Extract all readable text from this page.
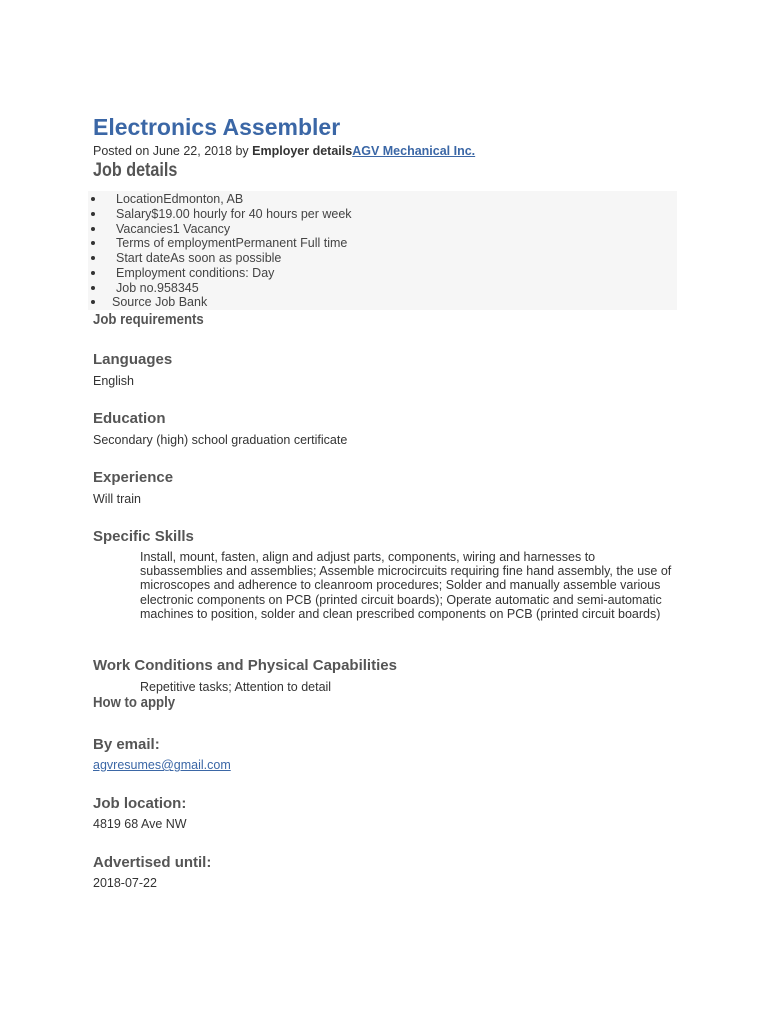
Electronics Assembler
Posted on June 22, 2018 by Employer detailsAGV Mechanical Inc.
Job details
LocationEdmonton, AB
Salary$19.00 hourly for 40 hours per week
Vacancies1 Vacancy
Terms of employmentPermanent Full time
Start dateAs soon as possible
Employment conditions: Day
Job no.958345
Source Job Bank
Job requirements
Languages
English
Education
Secondary (high) school graduation certificate
Experience
Will train
Specific Skills
Install, mount, fasten, align and adjust parts, components, wiring and harnesses to subassemblies and assemblies; Assemble microcircuits requiring fine hand assembly, the use of microscopes and adherence to cleanroom procedures; Solder and manually assemble various electronic components on PCB (printed circuit boards); Operate automatic and semi-automatic machines to position, solder and clean prescribed components on PCB (printed circuit boards)
Work Conditions and Physical Capabilities
Repetitive tasks; Attention to detail
How to apply
By email:
agvresumes@gmail.com
Job location:
4819 68 Ave NW
Advertised until:
2018-07-22
